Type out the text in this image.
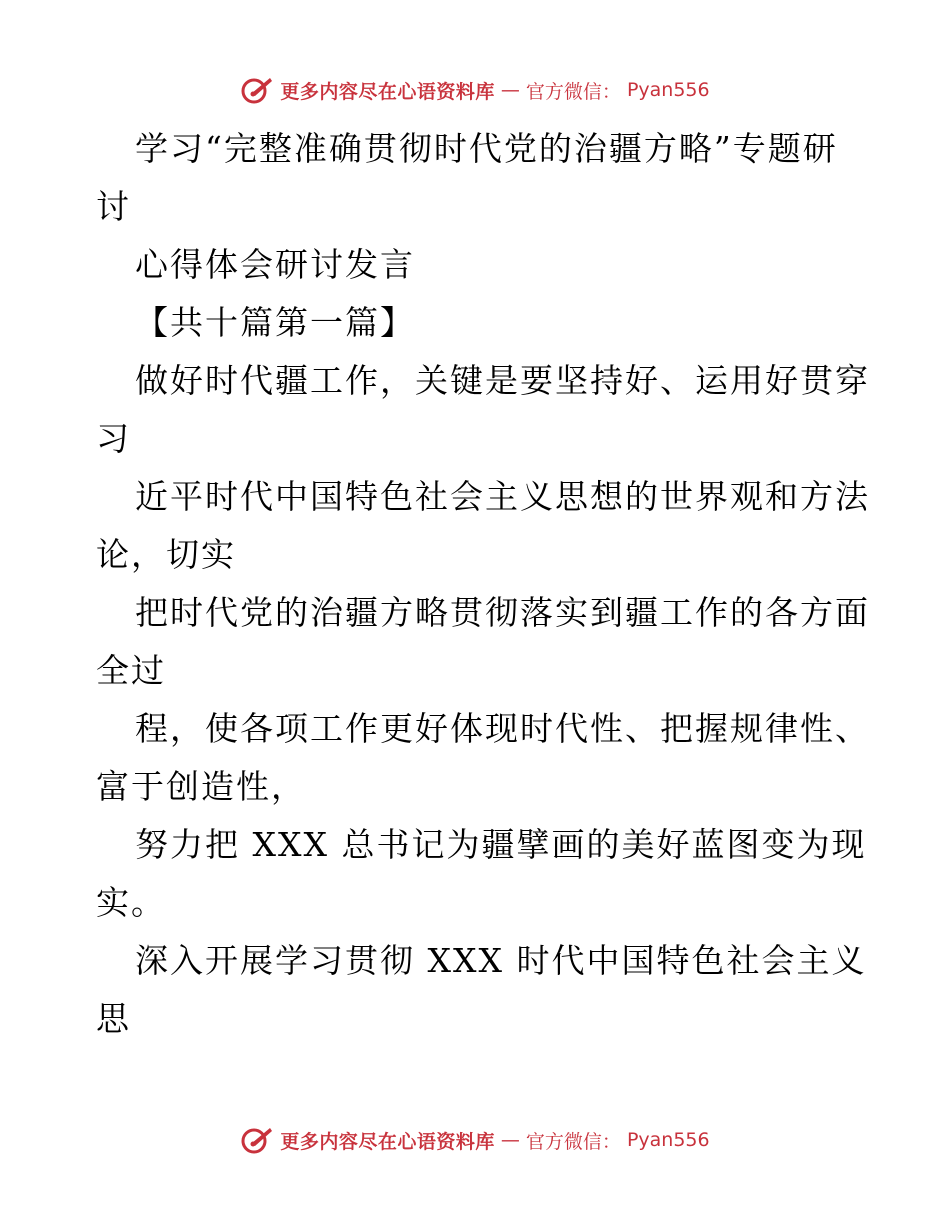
更多内容尽在心语资料库 — 官方微信： Pyan556

学习“完整准确贯彻时代党的治疆方略”专题研
讨

心得体会研讨发言

【共十篇第一篇】

做好时代疆工作，关键是要坚持好、运用好贯穿
习

近平时代中国特色社会主义思想的世界观和方法
论，切实

把时代党的治疆方略贯彻落实到疆工作的各方面
全过

程，使各项工作更好体现时代性、把握规律性、
富于创造性，

努力把 XXX 总书记为疆擘画的美好蓝图变为现
实。

深入开展学习贯彻 XXX 时代中国特色社会主义
思

更多内容尽在心语资料库 — 官方微信： Pyan556
